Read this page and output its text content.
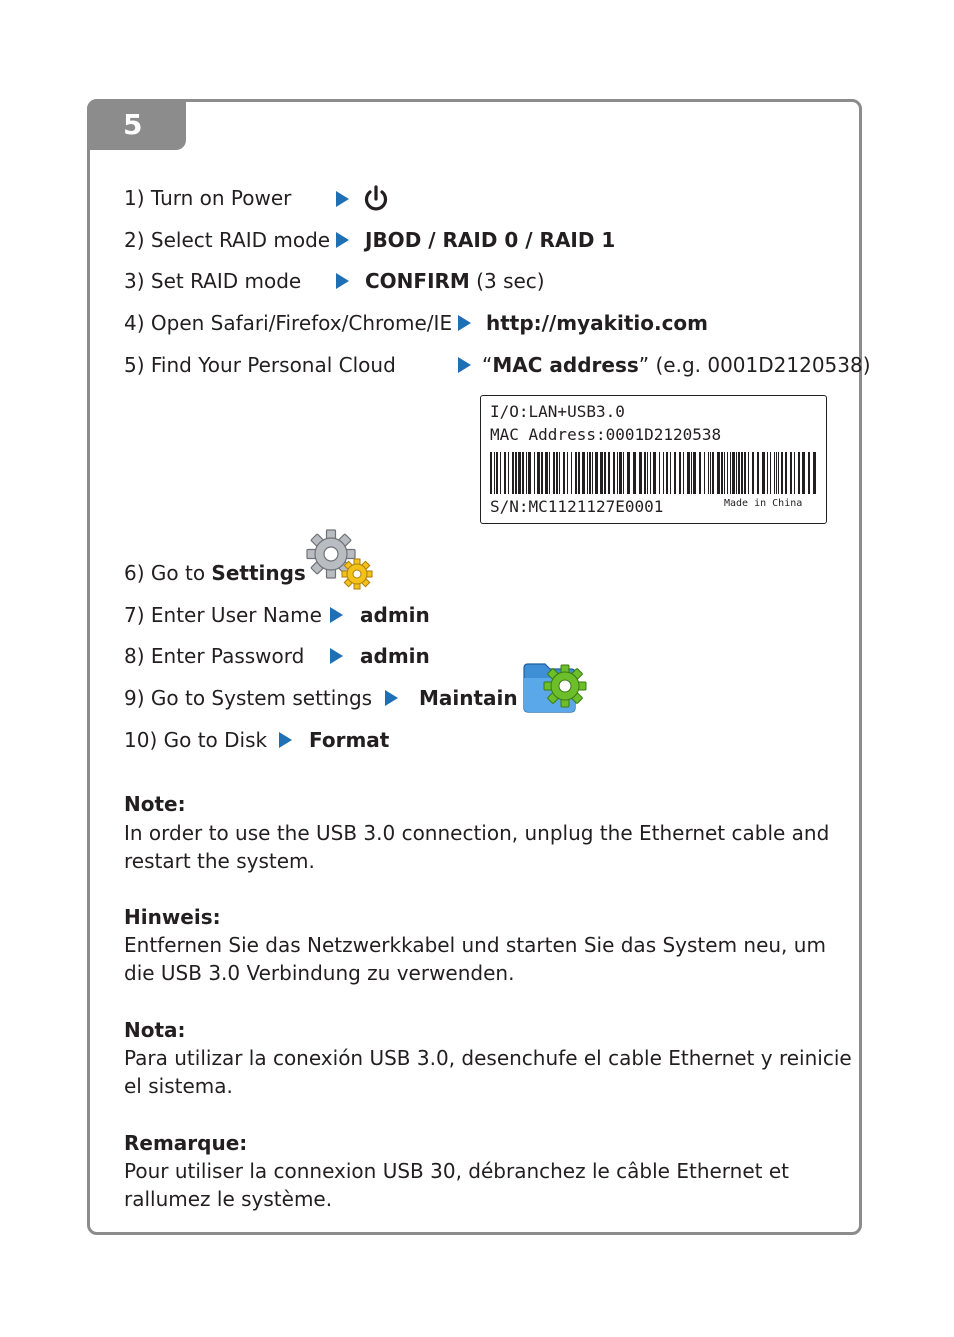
5
1) Turn on Power
2) Select RAID mode JBOD / RAID 0 / RAID 1
3) Set RAID mode	CONFIRM (3 sec)
4) Open Safari/Firefox/Chrome/IE http://myakitio.com
5) Find Your Personal Cloud	“MAC address” (e.g. 0001D2120538)
I/O:LAN+USB3.0
MAC Address:0001D2120538
S/N:MC1121127E0001	Made in China
6) Go to Settings
7) Enter User Name admin
8) Enter Password	admin
9) Go to System settings Maintain
10) Go to Disk Format
Note:
In order to use the USB 3.0 connection, unplug the Ethernet cable and restart the system.
Hinweis:
Entfernen Sie das Netzwerkkabel und starten Sie das System neu, um die USB 3.0 Verbindung zu verwenden.
Nota:
Para utilizar la conexión USB 3.0, desenchufe el cable Ethernet y reinicie el sistema.
Remarque:
Pour utiliser la connexion USB 30, débranchez le câble Ethernet et rallumez le système.
